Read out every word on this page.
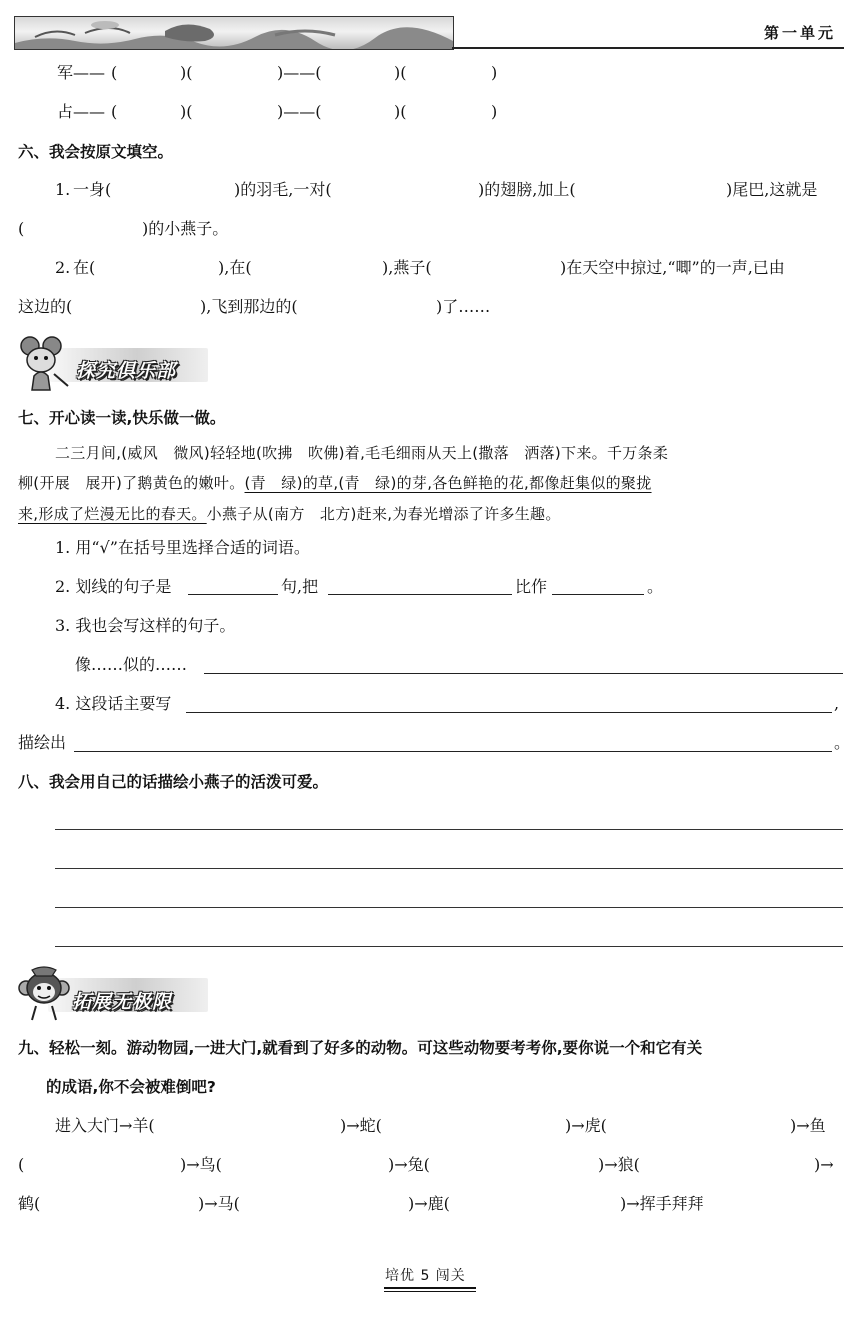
第一单元
军 —— (	)(	)——(	)(	)
占 —— (	)(	)——(	)(	)
六、我会按原文填空。
1. 一身(	)的羽毛,一对(	)的翅膀,加上(	)尾巴,这就是
(	)的小燕子。
2. 在(	),在(	),燕子(	)在天空中掠过,“唧”的一声,已由
这边的(	),飞到那边的(	)了……
探究俱乐部
七、开心读一读,快乐做一做。
二三月间,(威风　微风)轻轻地(吹拂　吹佛)着,毛毛细雨从天上(撒落　洒落)下来。千万条柔
柳(开展　展开)了鹅黄色的嫩叶。(青　绿)的草,(青　绿)的芽,各色鲜艳的花,都像赶集似的聚拢
来,形成了烂漫无比的春天。小燕子从(南方　北方)赶来,为春光增添了许多生趣。
1. 用“√”在括号里选择合适的词语。
2. 划线的句子是	句,把	比作	。
3. 我也会写这样的句子。
像……似的……
4. 这段话主要写	,
描绘出	。
八、我会用自己的话描绘小燕子的活泼可爱。
拓展无极限
九、轻松一刻。游动物园,一进大门,就看到了好多的动物。可这些动物要考考你,要你说一个和它有关
的成语,你不会被难倒吧?
进入大门→羊(	)→蛇(	)→虎(	)→鱼
(	)→鸟(	)→兔(	)→狼(	)→
鹤(	)→马(	)→鹿(	)→挥手拜拜
培优 5 闯关
